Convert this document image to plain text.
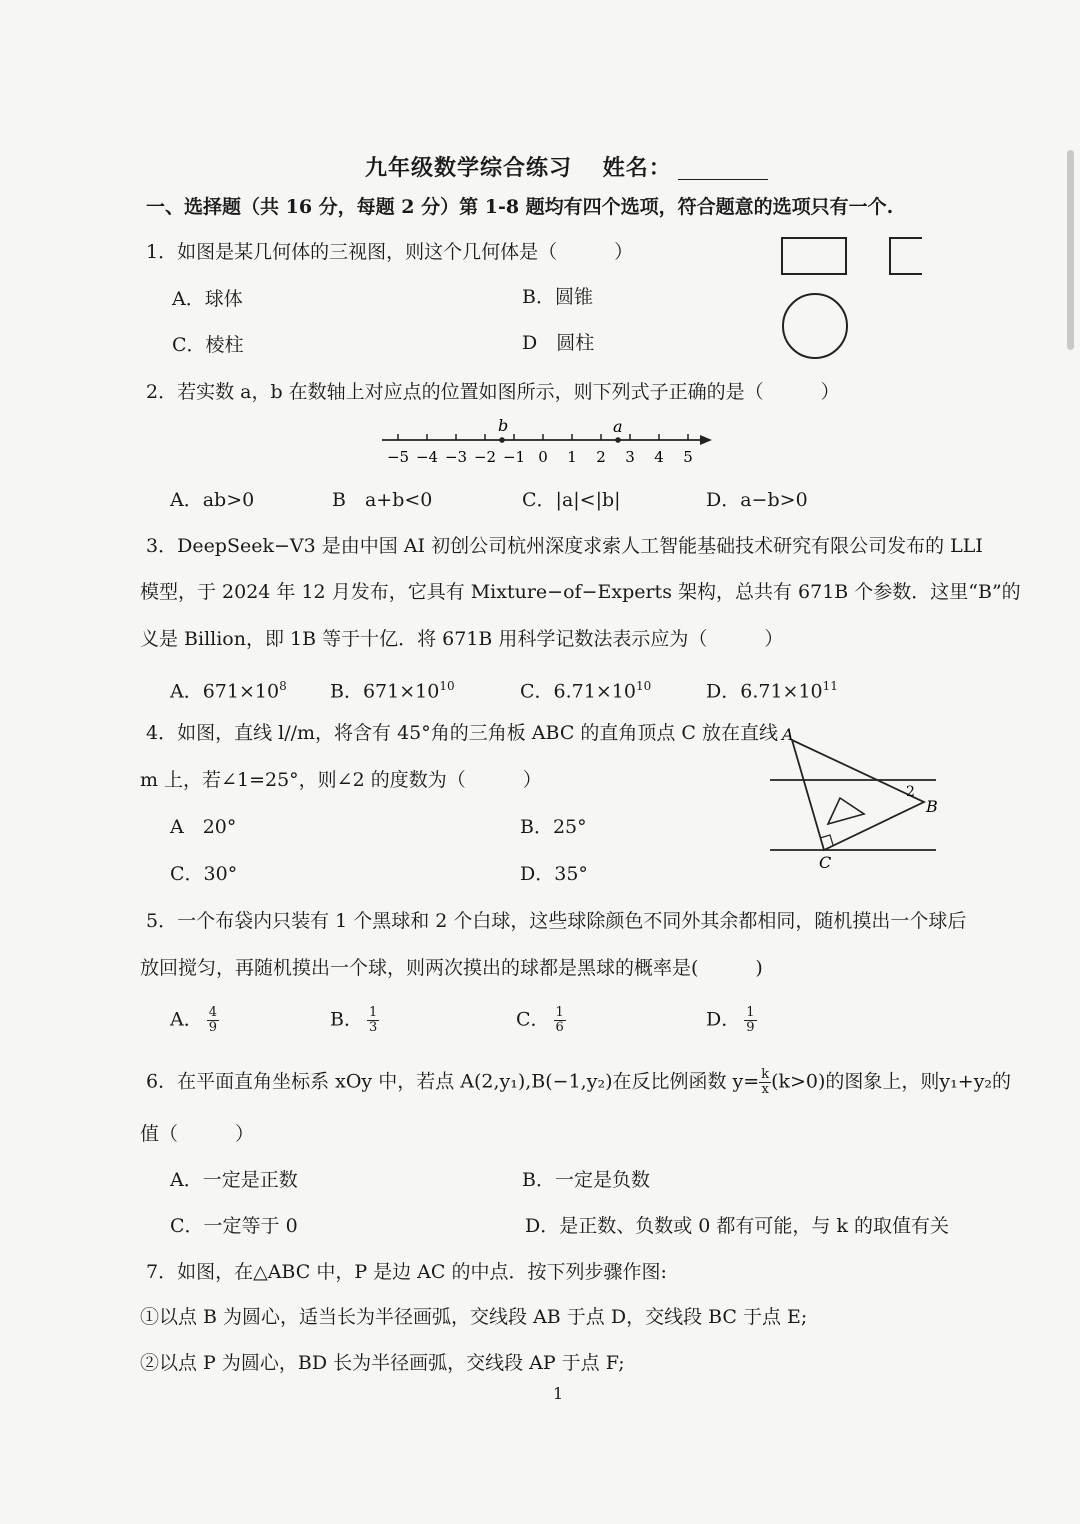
九年级数学综合练习 姓名：
一、选择题（共 16 分，每题 2 分）第 1-8 题均有四个选项，符合题意的选项只有一个.
1．如图是某几何体的三视图，则这个几何体是（　　　）
A．球体	B．圆锥
C．棱柱	D　圆柱
2．若实数 a，b 在数轴上对应点的位置如图所示，则下列式子正确的是（　　　）
−5 −4 −3 −2 −1 0 1 2 3 4 5
b	a
A．ab>0	B　a+b<0	C．|a|<|b|	D．a−b>0
3．DeepSeek−V3 是由中国 AI 初创公司杭州深度求索人工智能基础技术研究有限公司发布的 LLI
模型，于 2024 年 12 月发布，它具有 Mixture−of−Experts 架构，总共有 671B 个参数．这里“B”的
义是 Billion，即 1B 等于十亿．将 671B 用科学记数法表示应为（　　　）
A．$671\times 10^8$ B．$671\times 10^{10}$	C．$6.71\times 10^{10}$	D．$6.71\times 10^{11}$
4．如图，直线 l//m，将含有 45°角的三角板 ABC 的直角顶点 C 放在直线
m 上，若∠1=25°，则∠2 的度数为（　　　）
A　20°	B．25°
C．30°	D．35°
A
B
C
2
5．一个布袋内只装有 1 个黑球和 2 个白球，这些球除颜色不同外其余都相同，随机摸出一个球后
放回搅匀，再随机摸出一个球，则两次摸出的球都是黑球的概率是(　　　)
A． $\frac{4}{9}$	B． $\frac{1}{3}$	C． $\frac{1}{6}$	D． $\frac{1}{9}$
6．在平面直角坐标系 xOy 中，若点 A(2,y₁),B(−1,y₂)在反比例函数 $y= \frac{k}{x} (k>0)$的图象上，则y₁+y₂的
值（　　　）
A．一定是正数	B．一定是负数
C．一定等于 0	D．是正数、负数或 0 都有可能，与 k 的取值有关
7．如图，在△ABC 中，P 是边 AC 的中点．按下列步骤作图:
①以点 B 为圆心，适当长为半径画弧，交线段 AB 于点 D，交线段 BC 于点 E;
②以点 P 为圆心，BD 长为半径画弧，交线段 AP 于点 F;
1
